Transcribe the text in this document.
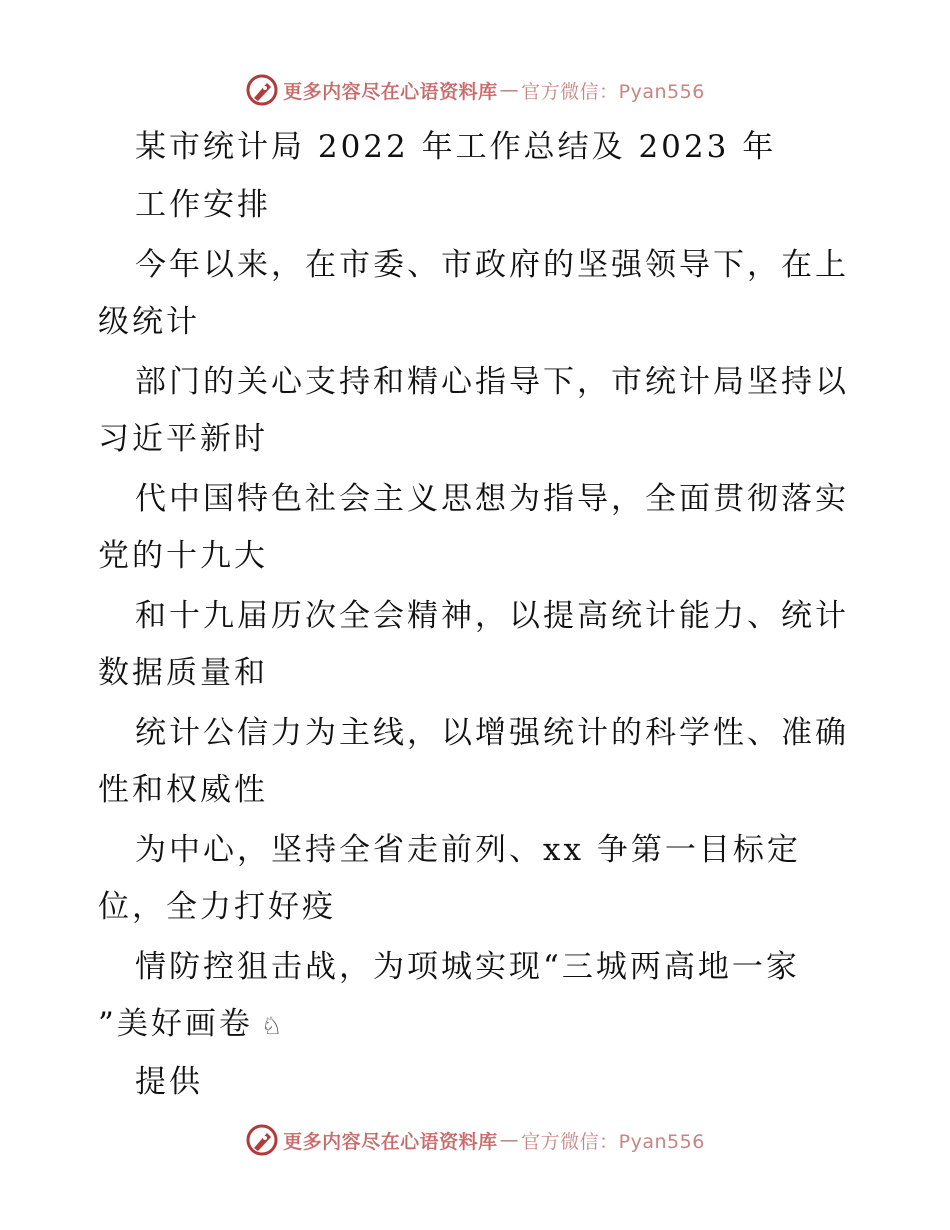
更多内容尽在心语资料库 — 官方微信：Pyan556
某市统计局 2022 年工作总结及 2023 年
工作安排
今年以来，在市委、市政府的坚强领导下，在上
级统计
部门的关心支持和精心指导下，市统计局坚持以
习近平新时
代中国特色社会主义思想为指导，全面贯彻落实
党的十九大
和十九届历次全会精神，以提高统计能力、统计
数据质量和
统计公信力为主线，以增强统计的科学性、准确
性和权威性
为中心，坚持全省走前列、xx 争第一目标定
位，全力打好疫
情防控狙击战，为项城实现“三城两高地一家
”美好画卷 ♘
提供
更多内容尽在心语资料库 — 官方微信：Pyan556
